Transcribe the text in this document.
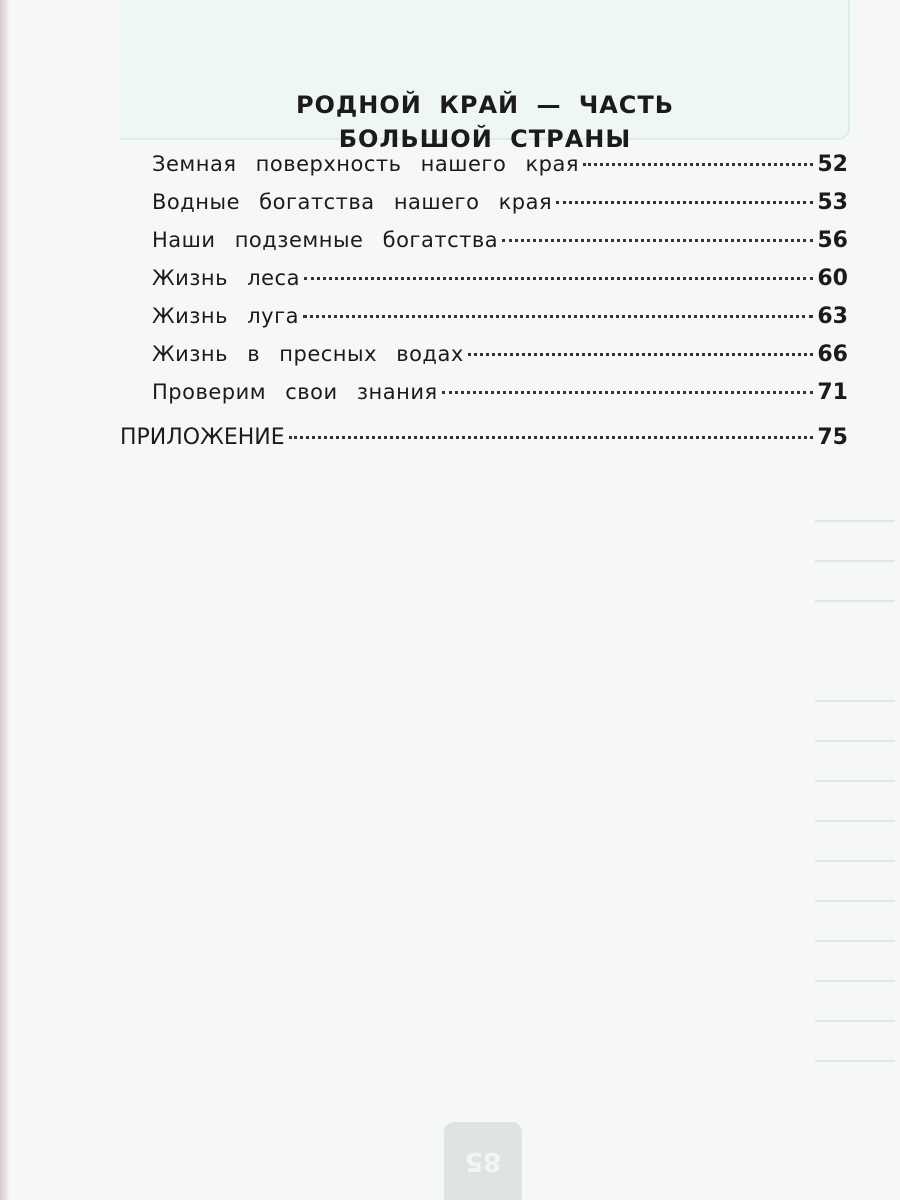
РОДНОЙ КРАЙ — ЧАСТЬ
БОЛЬШОЙ СТРАНЫ
Земная поверхность нашего края	52
Водные богатства нашего края	53
Наши подземные богатства	56
Жизнь леса	60
Жизнь луга	63
Жизнь в пресных водах	66
Проверим свои знания	71
ПРИЛОЖЕНИЕ	75
85
